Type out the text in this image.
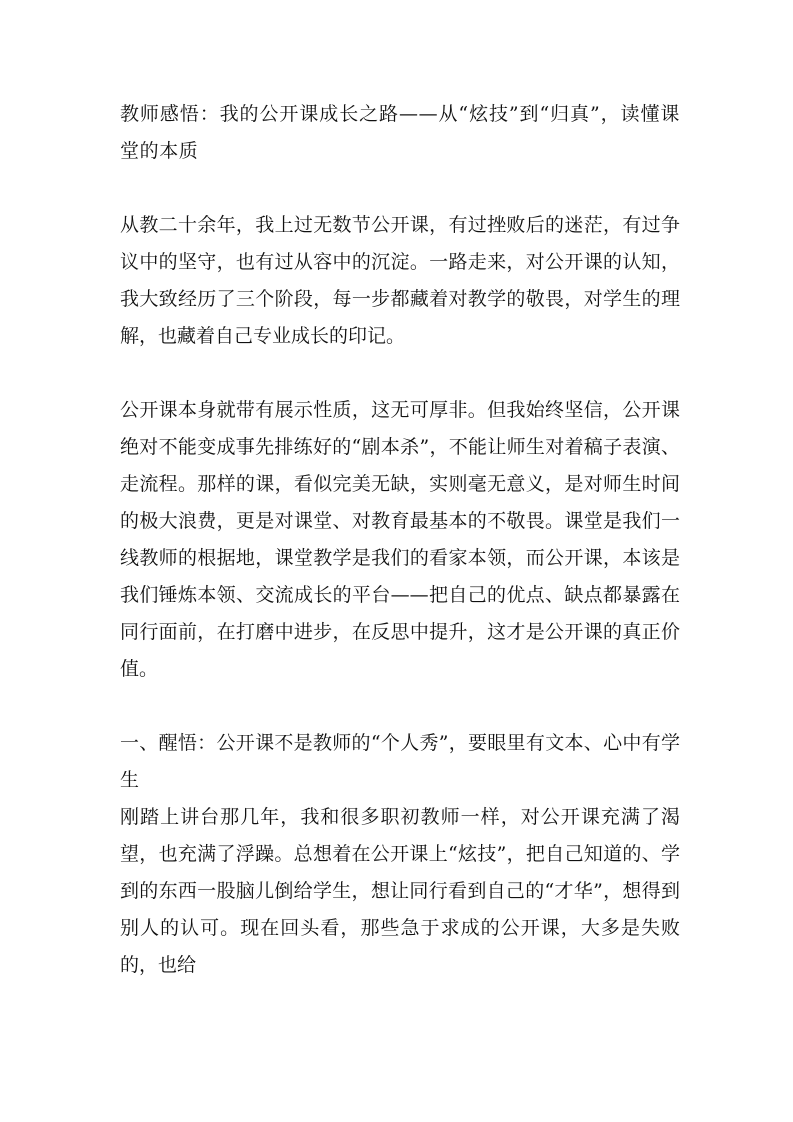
教师感悟：我的公开课成长之路——从“炫技”到“归真”，读懂课堂的本质

从教二十余年，我上过无数节公开课，有过挫败后的迷茫，有过争议中的坚守，也有过从容中的沉淀。一路走来，对公开课的认知，我大致经历了三个阶段，每一步都藏着对教学的敬畏，对学生的理解，也藏着自己专业成长的印记。

公开课本身就带有展示性质，这无可厚非。但我始终坚信，公开课绝对不能变成事先排练好的“剧本杀”，不能让师生对着稿子表演、走流程。那样的课，看似完美无缺，实则毫无意义，是对师生时间的极大浪费，更是对课堂、对教育最基本的不敬畏。课堂是我们一线教师的根据地，课堂教学是我们的看家本领，而公开课，本该是我们锤炼本领、交流成长的平台——把自己的优点、缺点都暴露在同行面前，在打磨中进步，在反思中提升，这才是公开课的真正价值。

一、醒悟：公开课不是教师的“个人秀”，要眼里有文本、心中有学生

刚踏上讲台那几年，我和很多职初教师一样，对公开课充满了渴望，也充满了浮躁。总想着在公开课上“炫技”，把自己知道的、学到的东西一股脑儿倒给学生，想让同行看到自己的“才华”，想得到别人的认可。现在回头看，那些急于求成的公开课，大多是失败的，也给
